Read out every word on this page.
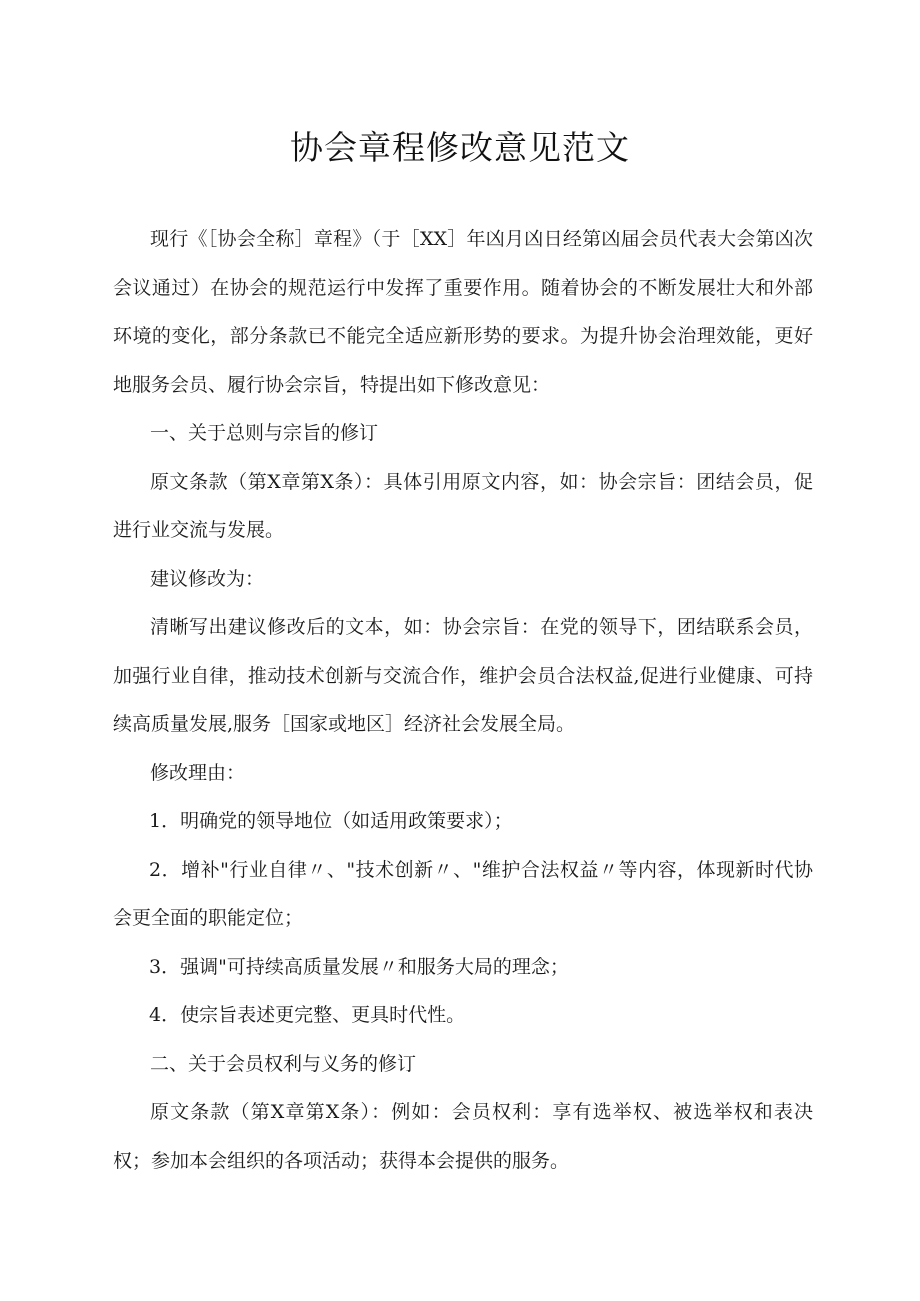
协会章程修改意见范文

现行《［协会全称］章程》（于［XX］年凶月凶日经第凶届会员代表大会第凶次会议通过）在协会的规范运行中发挥了重要作用。随着协会的不断发展壮大和外部环境的变化，部分条款已不能完全适应新形势的要求。为提升协会治理效能，更好地服务会员、履行协会宗旨，特提出如下修改意见：

一、关于总则与宗旨的修订

原文条款（第X章第X条）：具体引用原文内容，如：协会宗旨：团结会员，促进行业交流与发展。

建议修改为：

清晰写出建议修改后的文本，如：协会宗旨：在党的领导下，团结联系会员，加强行业自律，推动技术创新与交流合作，维护会员合法权益,促进行业健康、可持续高质量发展,服务［国家或地区］经济社会发展全局。

修改理由：

1．明确党的领导地位（如适用政策要求）；

2．增补"行业自律〃、"技术创新〃、"维护合法权益〃等内容，体现新时代协会更全面的职能定位；

3．强调"可持续高质量发展〃和服务大局的理念；

4．使宗旨表述更完整、更具时代性。

二、关于会员权利与义务的修订

原文条款（第X章第X条）：例如：会员权利：享有选举权、被选举权和表决权；参加本会组织的各项活动；获得本会提供的服务。
